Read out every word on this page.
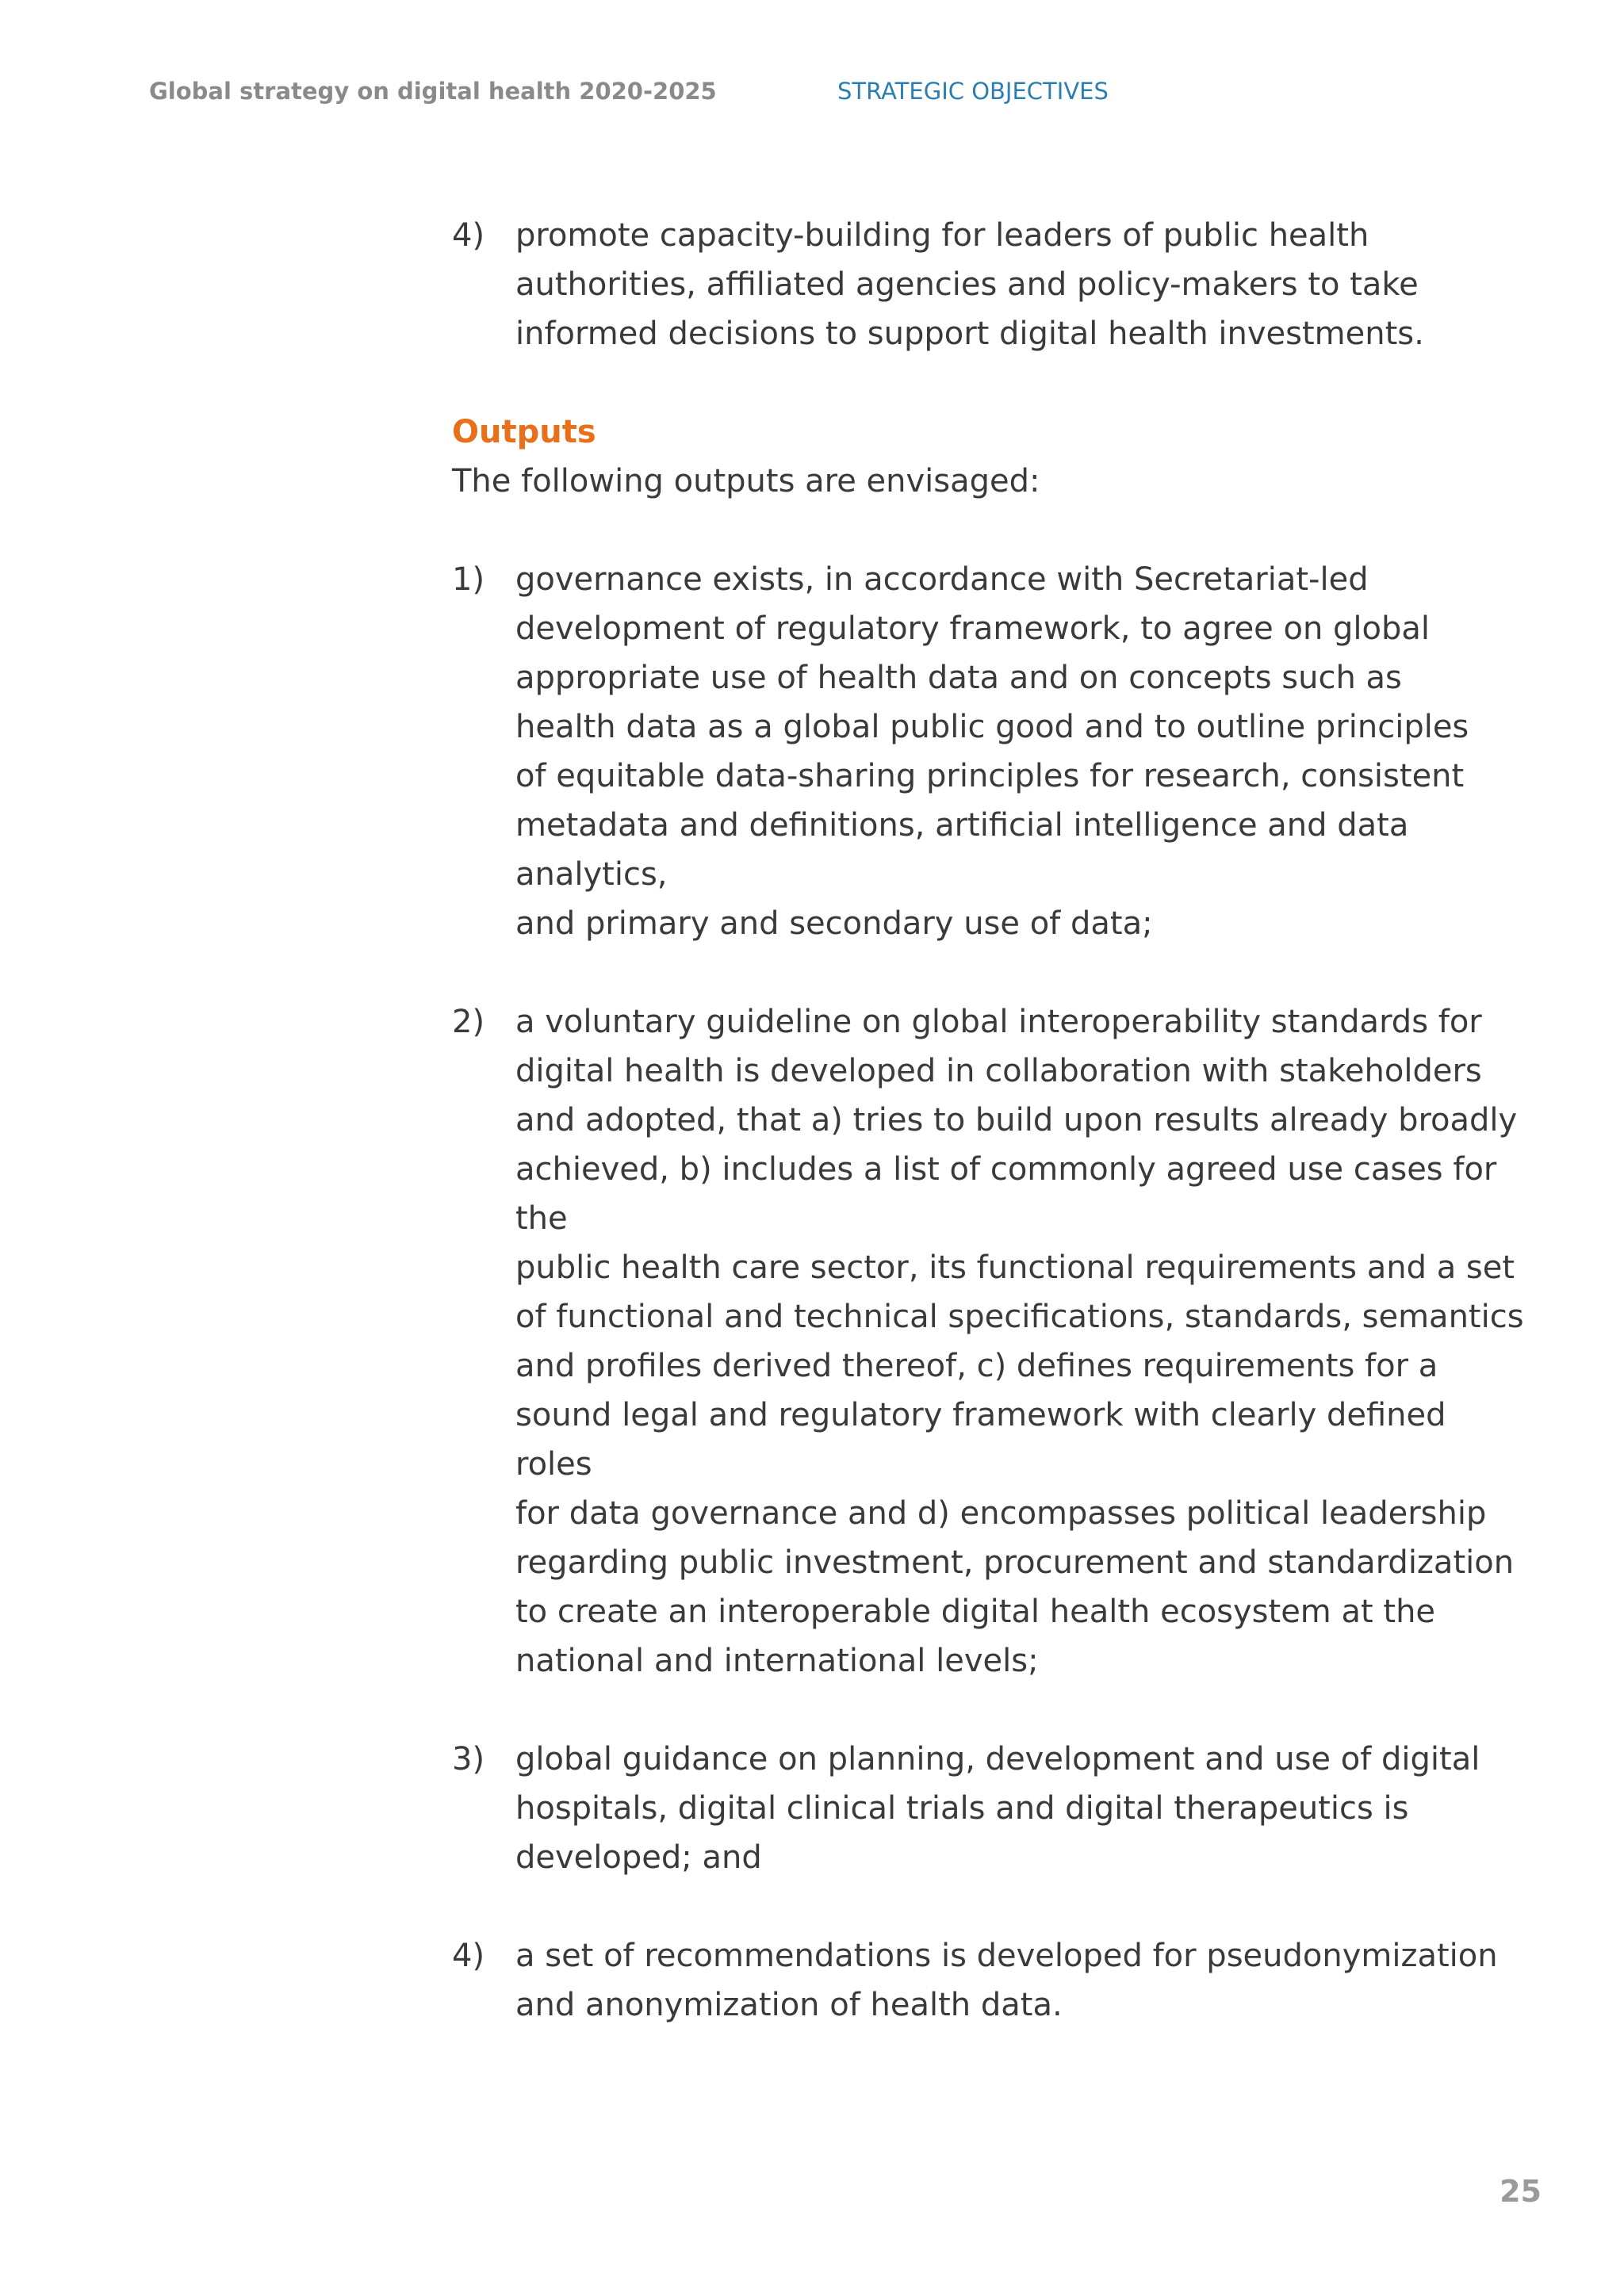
Global strategy on digital health 2020-2025	STRATEGIC OBJECTIVES
4) promote capacity-building for leaders of public health
authorities, affiliated agencies and policy-makers to take
informed decisions to support digital health investments.
Outputs
The following outputs are envisaged:
1) governance exists, in accordance with Secretariat-led
development of regulatory framework, to agree on global
appropriate use of health data and on concepts such as
health data as a global public good and to outline principles
of equitable data-sharing principles for research, consistent
metadata and definitions, artificial intelligence and data analytics,
and primary and secondary use of data;
2) a voluntary guideline on global interoperability standards for
digital health is developed in collaboration with stakeholders
and adopted, that a) tries to build upon results already broadly
achieved, b) includes a list of commonly agreed use cases for the
public health care sector, its functional requirements and a set
of functional and technical specifications, standards, semantics
and profiles derived thereof, c) defines requirements for a
sound legal and regulatory framework with clearly defined roles
for data governance and d) encompasses political leadership
regarding public investment, procurement and standardization
to create an interoperable digital health ecosystem at the
national and international levels;
3) global guidance on planning, development and use of digital
hospitals, digital clinical trials and digital therapeutics is
developed; and
4) a set of recommendations is developed for pseudonymization
and anonymization of health data.
25
